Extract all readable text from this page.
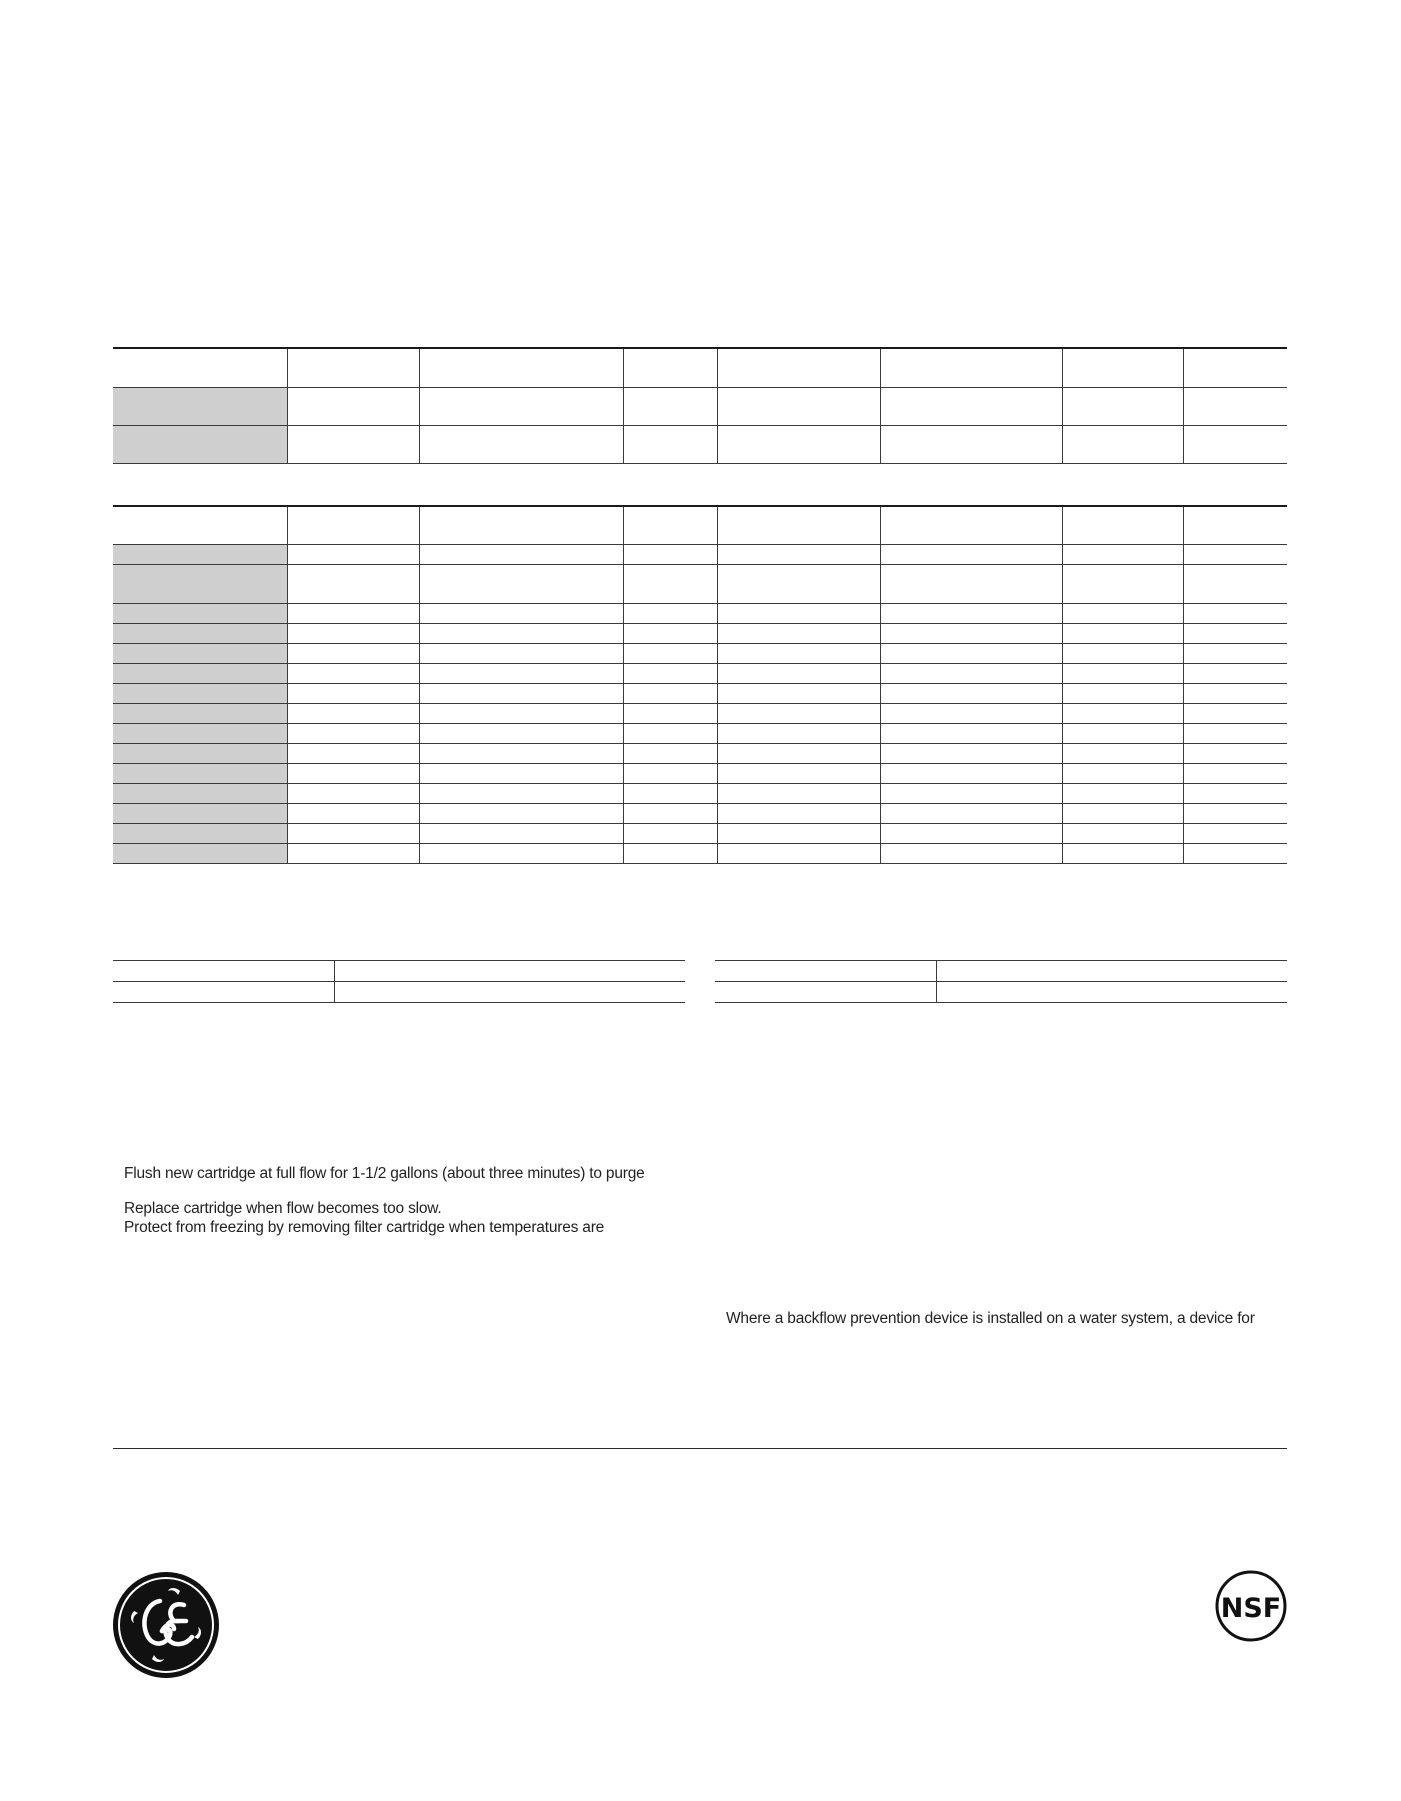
Flush new cartridge at full flow for 1-1/2 gallons (about three minutes) to purge
Replace cartridge when flow becomes too slow.
Protect from freezing by removing filter cartridge when temperatures are
Where a backflow prevention device is installed on a water system, a device for
NSF
